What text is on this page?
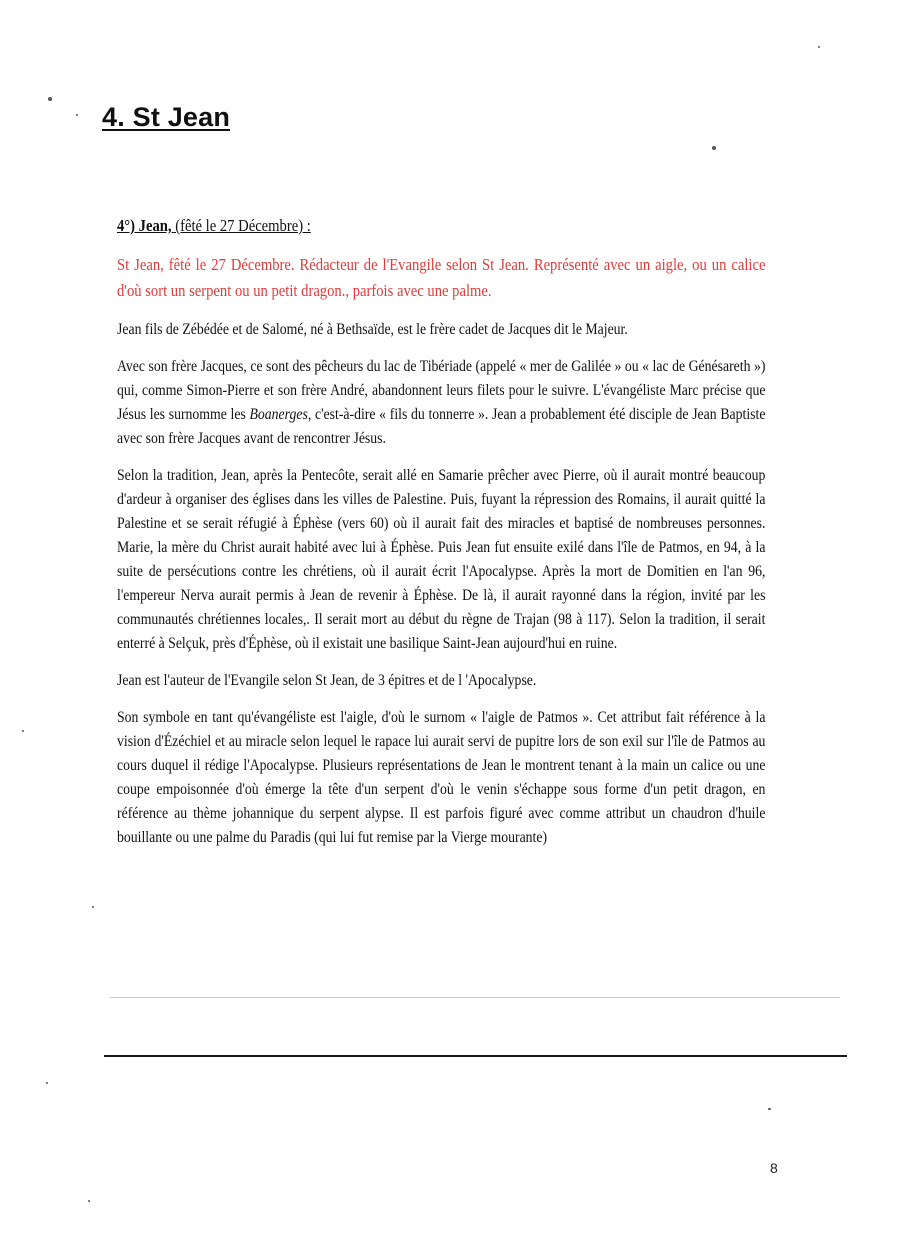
4. St Jean
4°) Jean, (fêté le 27 Décembre) :

St Jean, fêté le 27 Décembre. Rédacteur de l'Evangile selon St Jean. Représenté avec un aigle, ou un calice d'où sort un serpent ou un petit dragon., parfois avec une palme.

Jean fils de Zébédée et de Salomé, né à Bethsaïde, est le frère cadet de Jacques dit le Majeur.

Avec son frère Jacques, ce sont des pêcheurs du lac de Tibériade (appelé « mer de Galilée » ou « lac de Génésareth ») qui, comme Simon-Pierre et son frère André, abandonnent leurs filets pour le suivre. L'évangéliste Marc précise que Jésus les surnomme les Boanerges, c'est-à-dire « fils du tonnerre ». Jean a probablement été disciple de Jean Baptiste avec son frère Jacques avant de rencontrer Jésus.

Selon la tradition, Jean, après la Pentecôte, serait allé en Samarie prêcher avec Pierre, où il aurait montré beaucoup d'ardeur à organiser des églises dans les villes de Palestine. Puis, fuyant la répression des Romains, il aurait quitté la Palestine et se serait réfugié à Éphèse (vers 60) où il aurait fait des miracles et baptisé de nombreuses personnes. Marie, la mère du Christ aurait habité avec lui à Éphèse. Puis Jean fut ensuite exilé dans l'île de Patmos, en 94, à la suite de persécutions contre les chrétiens, où il aurait écrit l'Apocalypse. Après la mort de Domitien en l'an 96, l'empereur Nerva aurait permis à Jean de revenir à Éphèse. De là, il aurait rayonné dans la région, invité par les communautés chrétiennes locales,. Il serait mort au début du règne de Trajan (98 à 117). Selon la tradition, il serait enterré à Selçuk, près d'Éphèse, où il existait une basilique Saint-Jean aujourd'hui en ruine.

Jean est l'auteur de l'Evangile selon St Jean, de 3 épitres et de l 'Apocalypse.

Son symbole en tant qu'évangéliste est l'aigle, d'où le surnom « l'aigle de Patmos ». Cet attribut fait référence à la vision d'Ézéchiel et au miracle selon lequel le rapace lui aurait servi de pupitre lors de son exil sur l'île de Patmos au cours duquel il rédige l'Apocalypse. Plusieurs représentations de Jean le montrent tenant à la main un calice ou une coupe empoisonnée d'où émerge la tête d'un serpent d'où le venin s'échappe sous forme d'un petit dragon, en référence au thème johannique du serpent alypse. Il est parfois figuré avec comme attribut un chaudron d'huile bouillante ou une palme du Paradis (qui lui fut remise par la Vierge mourante)

8
